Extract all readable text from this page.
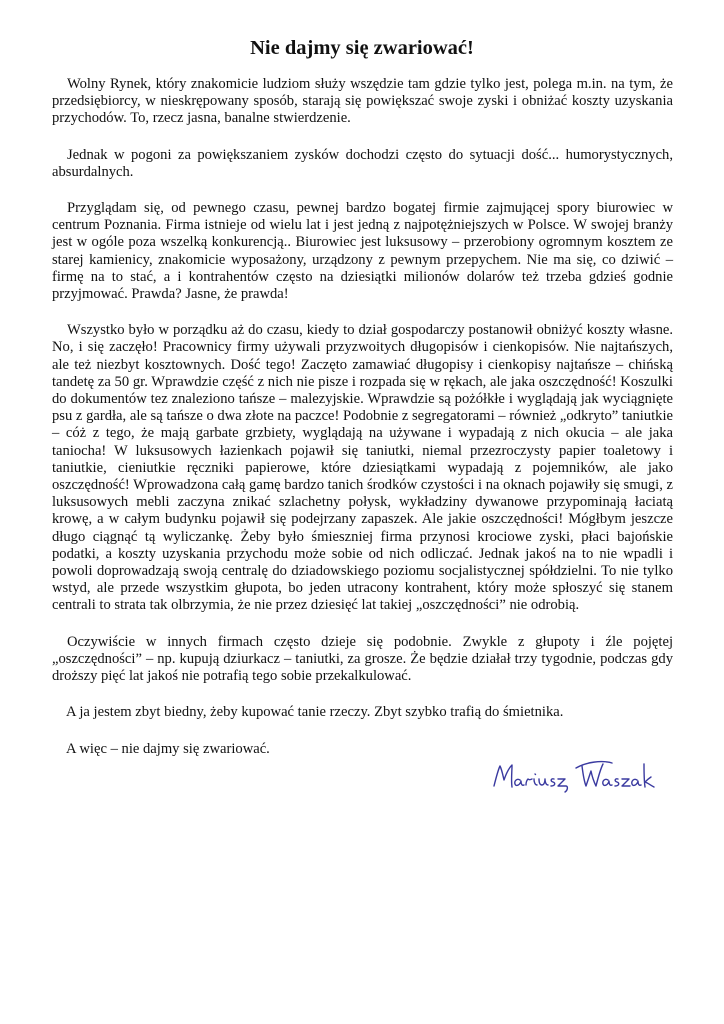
Nie dajmy się zwariować!

Wolny Rynek, który znakomicie ludziom służy wszędzie tam gdzie tylko jest, polega m.in. na tym, że przedsiębiorcy, w nieskrępowany sposób, starają się powiększać swoje zyski i obniżać koszty uzyskania przychodów. To, rzecz jasna, banalne stwierdzenie.

Jednak w pogoni za powiększaniem zysków dochodzi często do sytuacji dość... humorystycznych, absurdalnych.

Przyglądam się, od pewnego czasu, pewnej bardzo bogatej firmie zajmującej spory biurowiec w centrum Poznania. Firma istnieje od wielu lat i jest jedną z najpotężniejszych w Polsce. W swojej branży jest w ogóle poza wszelką konkurencją.. Biurowiec jest luksusowy – przerobiony ogromnym kosztem ze starej kamienicy, znakomicie wyposażony, urządzony z pewnym przepychem. Nie ma się, co dziwić – firmę na to stać, a i kontrahentów często na dziesiątki milionów dolarów też trzeba gdzieś godnie przyjmować. Prawda? Jasne, że prawda!

Wszystko było w porządku aż do czasu, kiedy to dział gospodarczy postanowił obniżyć koszty własne. No, i się zaczęło! Pracownicy firmy używali przyzwoitych długopisów i cienkopisów. Nie najtańszych, ale też niezbyt kosztownych. Dość tego! Zaczęto zamawiać długopisy i cienkopisy najtańsze – chińską tandetę za 50 gr. Wprawdzie część z nich nie pisze i rozpada się w rękach, ale jaka oszczędność! Koszulki do dokumentów tez znaleziono tańsze – malezyjskie. Wprawdzie są pożółkłe i wyglądają jak wyciągnięte psu z gardła, ale są tańsze o dwa złote na paczce! Podobnie z segregatorami – również „odkryto” taniutkie – cóż z tego, że mają garbate grzbiety, wyglądają na używane i wypadają z nich okucia – ale jaka taniocha! W luksusowych łazienkach pojawił się taniutki, niemal przezroczysty papier toaletowy i taniutkie, cieniutkie ręczniki papierowe, które dziesiątkami wypadają z pojemników, ale jako oszczędność! Wprowadzona całą gamę bardzo tanich środków czystości i na oknach pojawiły się smugi, z luksusowych mebli zaczyna znikać szlachetny połysk, wykładziny dywanowe przypominają łaciatą krowę, a w całym budynku pojawił się podejrzany zapaszek. Ale jakie oszczędności! Mógłbym jeszcze długo ciągnąć tą wyliczankę. Żeby było śmieszniej firma przynosi krociowe zyski, płaci bajońskie podatki, a koszty uzyskania przychodu może sobie od nich odliczać. Jednak jakoś na to nie wpadli i powoli doprowadzają swoją centralę do dziadowskiego poziomu socjalistycznej spółdzielni. To nie tylko wstyd, ale przede wszystkim głupota, bo jeden utracony kontrahent, który może spłoszyć się stanem centrali to strata tak olbrzymia, że nie przez dziesięć lat takiej „oszczędności” nie odrobią.

Oczywiście w innych firmach często dzieje się podobnie. Zwykle z głupoty i źle pojętej „oszczędności” – np. kupują dziurkacz – taniutki, za grosze. Że będzie działał trzy tygodnie, podczas gdy droższy pięć lat jakoś nie potrafią tego sobie przekalkulować.

A ja jestem zbyt biedny, żeby kupować tanie rzeczy. Zbyt szybko trafią do śmietnika.

A więc – nie dajmy się zwariować.
